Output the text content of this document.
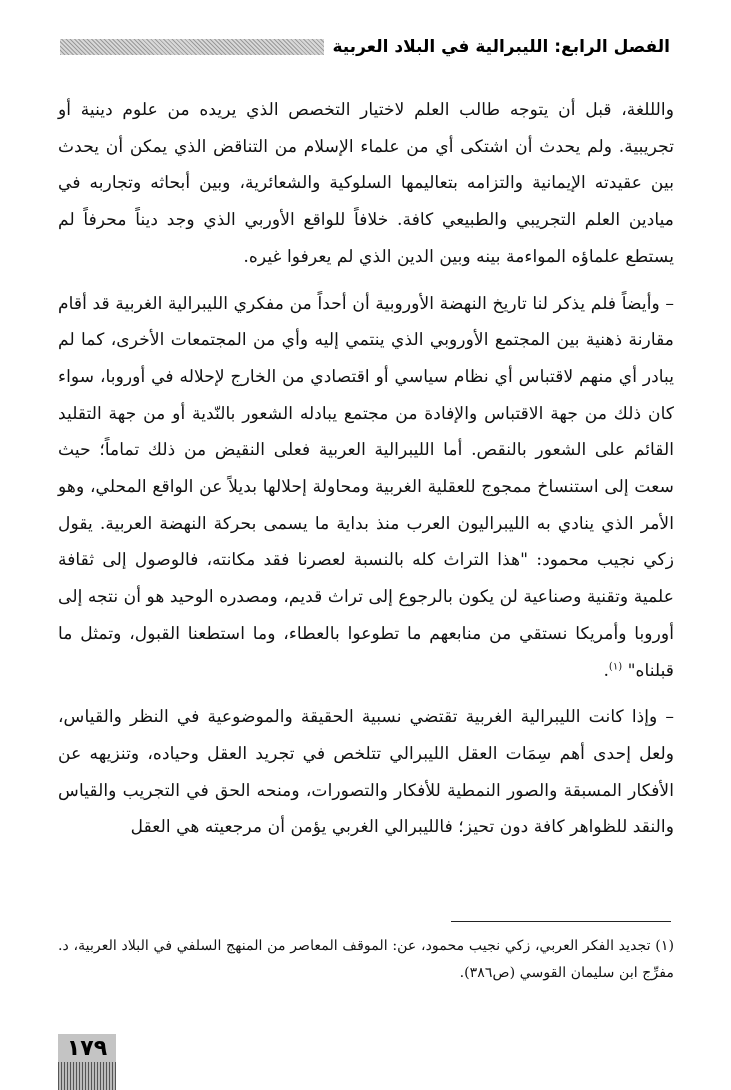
الفصل الرابع: الليبرالية في البلاد العربية

والللغة، قبل أن يتوجه طالب العلم لاختيار التخصص الذي يريده من علوم دينية أو تجريبية. ولم يحدث أن اشتكى أي من علماء الإسلام من التناقض الذي يمكن أن يحدث بين عقيدته الإيمانية والتزامه بتعاليمها السلوكية والشعائرية، وبين أبحاثه وتجاربه في ميادين العلم التجريبي والطبيعي كافة. خلافاً للواقع الأوربي الذي وجد ديناً محرفاً لم يستطع علماؤه المواءمة بينه وبين الدين الذي لم يعرفوا غيره.

– وأيضاً فلم يذكر لنا تاريخ النهضة الأوروبية أن أحداً من مفكري الليبرالية الغربية قد أقام مقارنة ذهنية بين المجتمع الأوروبي الذي ينتمي إليه وأي من المجتمعات الأخرى، كما لم يبادر أي منهم لاقتباس أي نظام سياسي أو اقتصادي من الخارج لإحلاله في أوروبا، سواء كان ذلك من جهة الاقتباس والإفادة من مجتمع يبادله الشعور بالنّدية أو من جهة التقليد القائم على الشعور بالنقص. أما الليبرالية العربية فعلى النقيض من ذلك تماماً؛ حيث سعت إلى استنساخ ممجوج للعقلية الغربية ومحاولة إحلالها بديلاً عن الواقع المحلي، وهو الأمر الذي ينادي به الليبراليون العرب منذ بداية ما يسمى بحركة النهضة العربية. يقول زكي نجيب محمود: "هذا التراث كله بالنسبة لعصرنا فقد مكانته، فالوصول إلى ثقافة علمية وتقنية وصناعية لن يكون بالرجوع إلى تراث قديم، ومصدره الوحيد هو أن نتجه إلى أوروبا وأمريكا نستقي من منابعهم ما تطوعوا بالعطاء، وما استطعنا القبول، وتمثل ما قبلناه" $^{(١)}$.

– وإذا كانت الليبرالية الغربية تقتضي نسبية الحقيقة والموضوعية في النظر والقياس، ولعل إحدى أهم سِمَات العقل الليبرالي تتلخص في تجريد العقل وحياده، وتنزيهه عن الأفكار المسبقة والصور النمطية للأفكار والتصورات، ومنحه الحق في التجريب والقياس والنقد للظواهر كافة دون تحيز؛ فالليبرالي الغربي يؤمن أن مرجعيته هي العقل

(١) تجديد الفكر العربي، زكي نجيب محمود، عن: الموقف المعاصر من المنهج السلفي في البلاد العربية، د. مفرِّج ابن سليمان القوسي (ص٣٨٦).

١٧٩
